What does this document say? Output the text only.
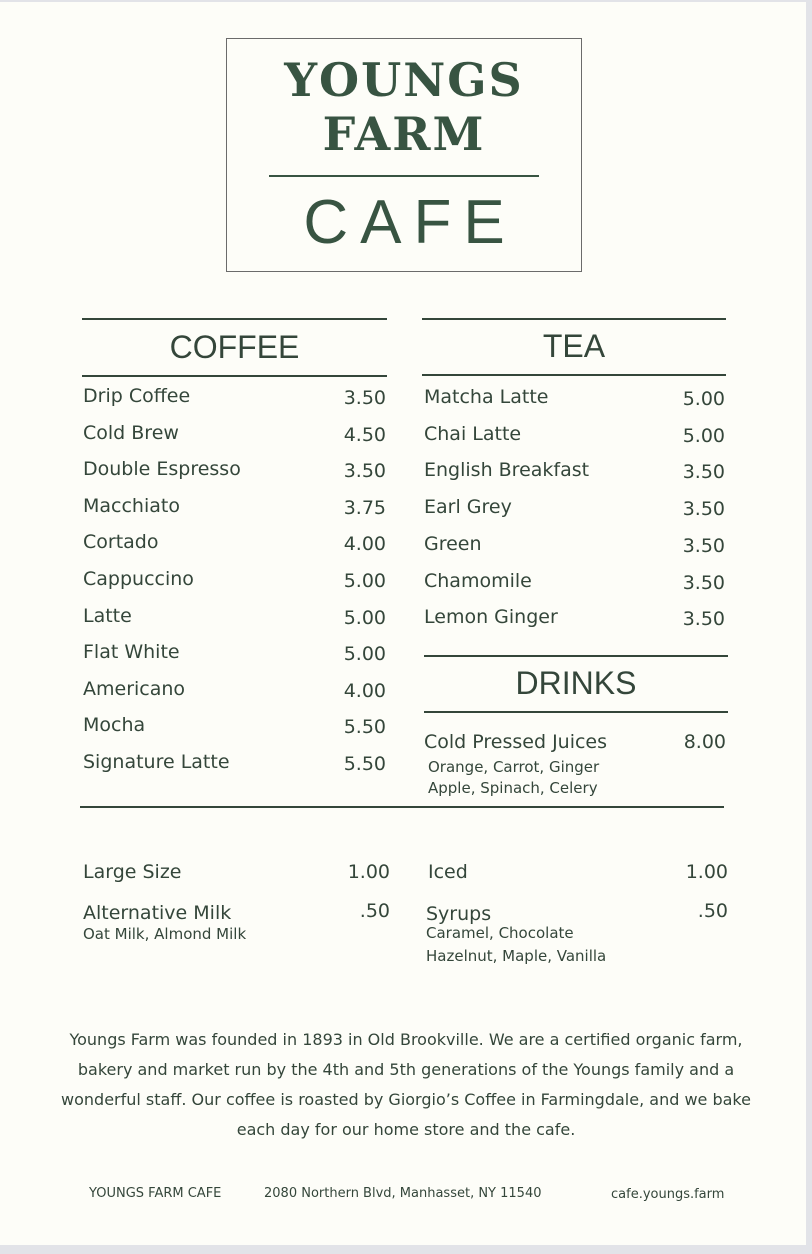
YOUNGS
FARM
CAFE
COFFEE
Drip Coffee	3.50
Cold Brew	4.50
Double Espresso	3.50
Macchiato	3.75
Cortado	4.00
Cappuccino	5.00
Latte	5.00
Flat White	5.00
Americano	4.00
Mocha	5.50
Signature Latte	5.50
TEA
Matcha Latte	5.00
Chai Latte	5.00
English Breakfast	3.50
Earl Grey	3.50
Green	3.50
Chamomile	3.50
Lemon Ginger	3.50
DRINKS
Cold Pressed Juices	8.00
Orange, Carrot, Ginger
Apple, Spinach, Celery
Large Size	1.00
Alternative Milk	.50
Oat Milk, Almond Milk
Iced	1.00
Syrups	.50
Caramel, Chocolate
Hazelnut, Maple, Vanilla
Youngs Farm was founded in 1893 in Old Brookville. We are a certified organic farm, bakery and market run by the 4th and 5th generations of the Youngs family and a wonderful staff. Our coffee is roasted by Giorgio’s Coffee in Farmingdale, and we bake each day for our home store and the cafe.
YOUNGS FARM CAFE	2080 Northern Blvd, Manhasset, NY 11540	cafe.youngs.farm
